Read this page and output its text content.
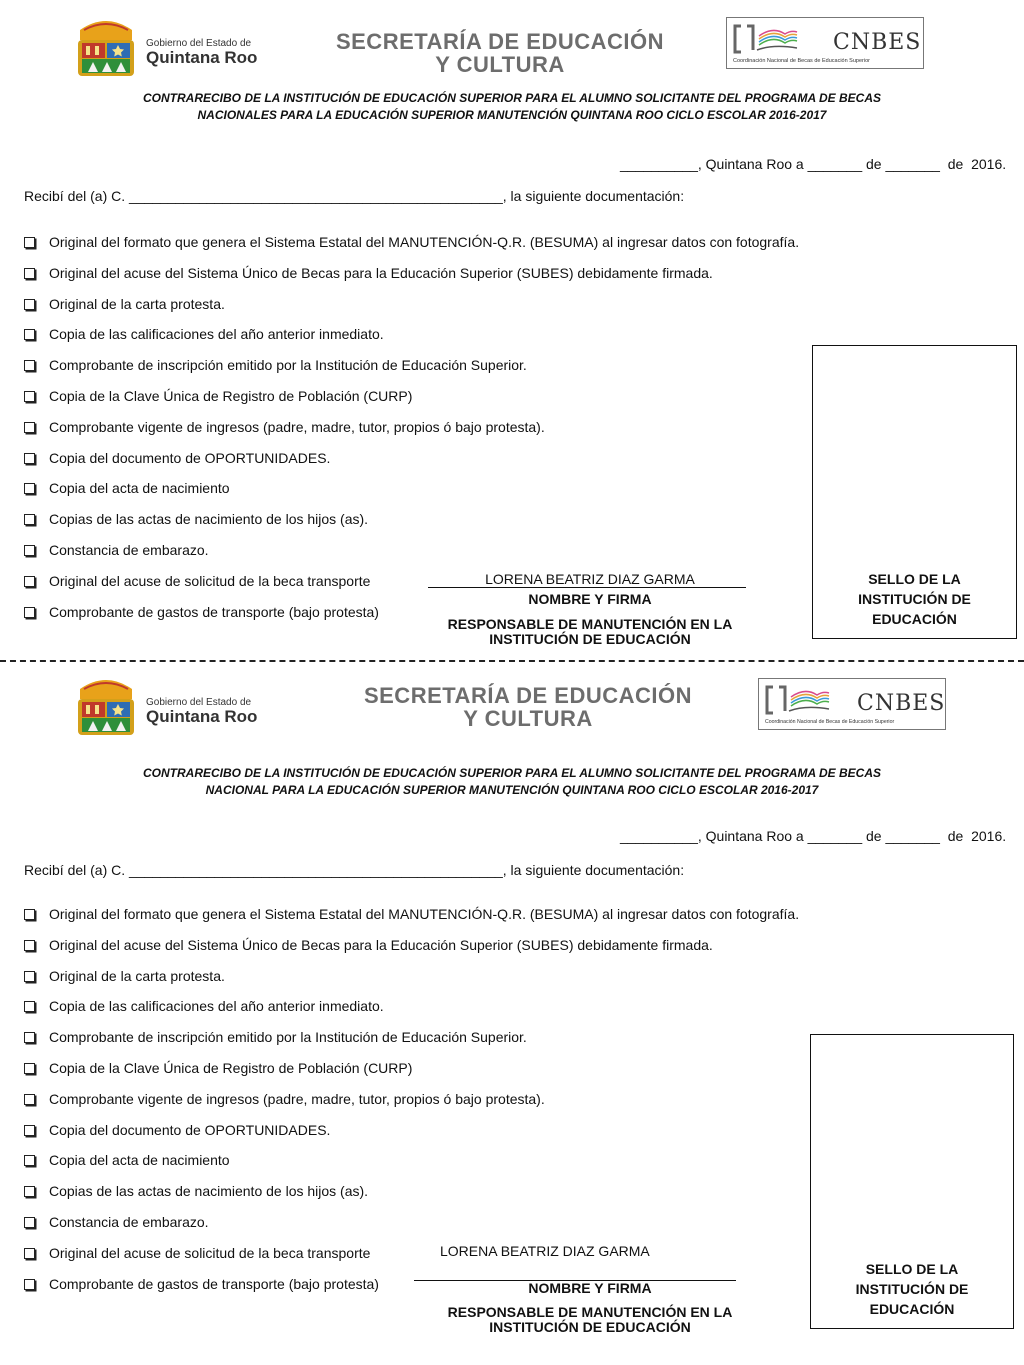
Gobierno del Estado de
Quintana Roo
SECRETARÍA DE EDUCACIÓN
Y CULTURA
CNBES
Coordinación Nacional de Becas de Educación Superior
CONTRARECIBO DE LA INSTITUCIÓN DE EDUCACIÓN SUPERIOR PARA EL ALUMNO SOLICITANTE DEL PROGRAMA DE BECAS
NACIONALES PARA LA EDUCACIÓN SUPERIOR MANUTENCIÓN QUINTANA ROO CICLO ESCOLAR 2016-2017
__________, Quintana Roo a _______ de _______  de  2016.
Recibí del (a) C. ________________________________________________, la siguiente documentación:
Original del formato que genera el Sistema Estatal del MANUTENCIÓN-Q.R. (BESUMA) al ingresar datos con fotografía.
Original del acuse del Sistema Único de Becas para la Educación Superior (SUBES) debidamente firmada.
Original de la carta protesta.
Copia de las calificaciones del año anterior inmediato.
Comprobante de inscripción emitido por la Institución de Educación Superior.
Copia de la Clave Única de Registro de Población (CURP)
Comprobante vigente de ingresos (padre, madre, tutor, propios ó bajo protesta).
Copia del documento de OPORTUNIDADES.
Copia del acta de nacimiento
Copias de las actas de nacimiento de los hijos (as).
Constancia de embarazo.
Original del acuse de solicitud de la beca transporte
Comprobante de gastos de transporte (bajo protesta)
LORENA BEATRIZ DIAZ GARMA
NOMBRE Y FIRMA
RESPONSABLE DE MANUTENCIÓN EN LA
INSTITUCIÓN DE EDUCACIÓN
SELLO DE LA
INSTITUCIÓN DE
EDUCACIÓN
Gobierno del Estado de
Quintana Roo
SECRETARÍA DE EDUCACIÓN
Y CULTURA
CNBES
Coordinación Nacional de Becas de Educación Superior
CONTRARECIBO DE LA INSTITUCIÓN DE EDUCACIÓN SUPERIOR PARA EL ALUMNO SOLICITANTE DEL PROGRAMA DE BECAS
NACIONAL PARA LA EDUCACIÓN SUPERIOR MANUTENCIÓN QUINTANA ROO CICLO ESCOLAR 2016-2017
__________, Quintana Roo a _______ de _______  de  2016.
Recibí del (a) C. ________________________________________________, la siguiente documentación:
Original del formato que genera el Sistema Estatal del MANUTENCIÓN-Q.R. (BESUMA) al ingresar datos con fotografía.
Original del acuse del Sistema Único de Becas para la Educación Superior (SUBES) debidamente firmada.
Original de la carta protesta.
Copia de las calificaciones del año anterior inmediato.
Comprobante de inscripción emitido por la Institución de Educación Superior.
Copia de la Clave Única de Registro de Población (CURP)
Comprobante vigente de ingresos (padre, madre, tutor, propios ó bajo protesta).
Copia del documento de OPORTUNIDADES.
Copia del acta de nacimiento
Copias de las actas de nacimiento de los hijos (as).
Constancia de embarazo.
Original del acuse de solicitud de la beca transporte
Comprobante de gastos de transporte (bajo protesta)
LORENA BEATRIZ DIAZ GARMA
NOMBRE Y FIRMA
RESPONSABLE DE MANUTENCIÓN EN LA
INSTITUCIÓN DE EDUCACIÓN
SELLO DE LA
INSTITUCIÓN DE
EDUCACIÓN
